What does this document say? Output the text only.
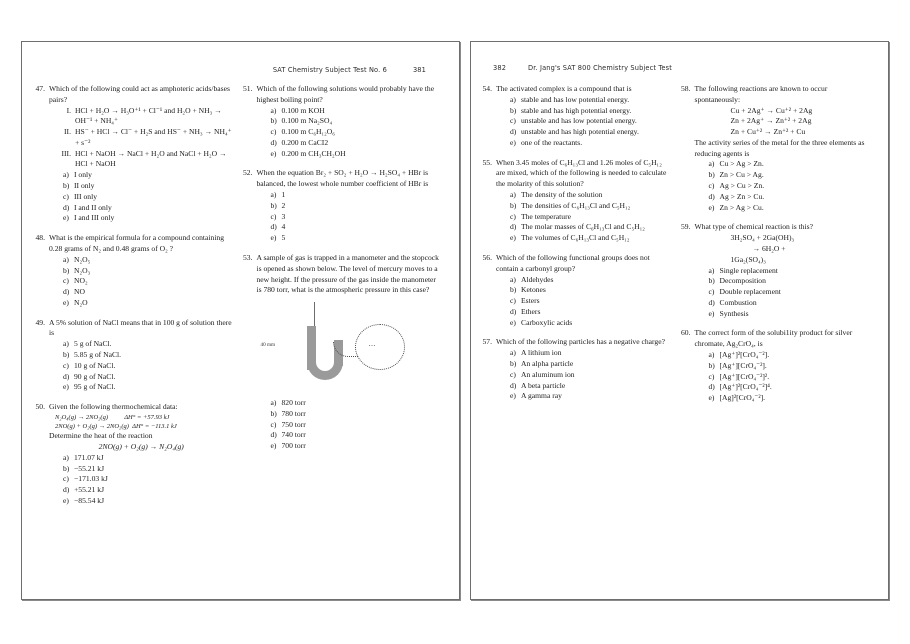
SAT Chemistry Subject Test No. 6	381
47. Which of the following could act as amphoteric acids/bases pairs?

I. HCl + H₂O → H₃O⁺¹ + Cl⁻¹ and H₂O + NH₃ → OH⁻¹ + NH₄⁺
II. HS⁻ + HCl → Cl⁻ + H₂S and HS⁻ + NH₃ → NH₄⁺ + s⁻²
III. HCl + NaOH → NaCl + H₂O and NaCl + H₂O → HCl + NaOH
a) I only
b) II only
c) III only
d) I and II only
e) I and III only
48. What is the empirical formula for a compound containing 0.28 grams of N₂ and 0.48 grams of O₂ ?

a) N₂O₅
b) N₂O₃
c) NO₂
d) NO
e) N₂O
49. A 5% solution of NaCl means that in 100 g of solution there is

a) 5 g of NaCl.
b) 5.85 g of NaCl.
c) 10 g of NaCl.
d) 90 g of NaCl.
e) 95 g of NaCl.
50. Given the following thermochemical data:

N₂O₄(g) → 2NO₂(g)          ΔH° = +57.93 kJ
2NO(g) + O₂(g) → 2NO₂(g)  ΔH° = −113.1 kJ

Determine the heat of the reaction

2NO(g) + O₂(g) → N₂O₄(g)
a) 171.07 kJ
b) −55.21 kJ
c) −171.03 kJ
d) +55.21 kJ
e) −85.54 kJ
51. Which of the following solutions would probably have the highest boiling point?

a) 0.100 m KOH
b) 0.100 m Na₂SO₄
c) 0.100 m C₆H₁₂O₆
d) 0.200 m CaCI2
e) 0.200 m CH₃CH₂OH
52. When the equation Br₂ + SO₂ + H₂O → H₂SO₄ + HBr is balanced, the lowest whole number coefficient of HBr is

a) 1
b) 2
c) 3
d) 4
e) 5
53. A sample of gas is trapped in a manometer and the stopcock is opened as shown below. The level of mercury moves to a new height. If the pressure of the gas inside the manometer is 780 torr, what is the atmospheric pressure in this case?

40 mm	⋯
a) 820 torr
b) 780 torr
c) 750 torr
d) 740 torr
e) 700 torr
382	Dr. Jang's SAT 800 Chemistry Subject Test
54. The activated complex is a compound that is

a) stable and has low potential energy.
b) stable and has high potential energy.
c) unstable and has low potential energy.
d) unstable and has high potential energy.
e) one of the reactants.
55. When 3.45 moles of C₆H₁₃Cl and 1.26 moles of C₅H₁₂ are mixed, which of the following is needed to calculate the molarity of this solution?

a) The density of the solution
b) The densities of C₆H₁₃Cl and C₅H₁₂
c) The temperature
d) The molar masses of C₆H₁₃Cl and C₅H₁₂
e) The volumes of C₆H₁₃Cl and C₅H₁₂
56. Which of the following functional groups does not contain a carbonyl group?

a) Aldehydes
b) Ketones
c) Esters
d) Ethers
e) Carboxylic acids
57. Which of the following particles has a negative charge?

a) A lithium ion
b) An alpha particle
c) An aluminum ion
d) A beta particle
e) A gamma ray
58. The following reactions are known to occur spontaneously:

Cu + 2Ag⁺ → Cu⁺² + 2Ag
Zn + 2Ag⁺ → Zn⁺² + 2Ag
Zn + Cu⁺² → Zn⁺² + Cu

The activity series of the metal for the three elements as reducing agents is

a) Cu > Ag > Zn.
b) Zn > Cu > Ag.
c) Ag > Cu > Zn.
d) Ag > Zn > Cu.
e) Zn > Ag > Cu.
59. What type of chemical reaction is this?

3H₂SO₄ + 2Ga(OH)₃
→ 6H₂O +
1Ga₂(SO₄)₃
a) Single replacement
b) Decomposition
c) Double replacement
d) Combustion
e) Synthesis
60. The correct form of the solubi1ity product for silver chromate, Ag₂CrO₄, is

a) [Ag⁺]²[CrO₄⁻²].
b) [Ag⁺][CrO₄⁻²].
c) [Ag⁺][CrO₄⁻²]².
d) [Ag⁺]²[CrO₄⁻²]⁴.
e) [Ag]²[CrO₄⁻²].
